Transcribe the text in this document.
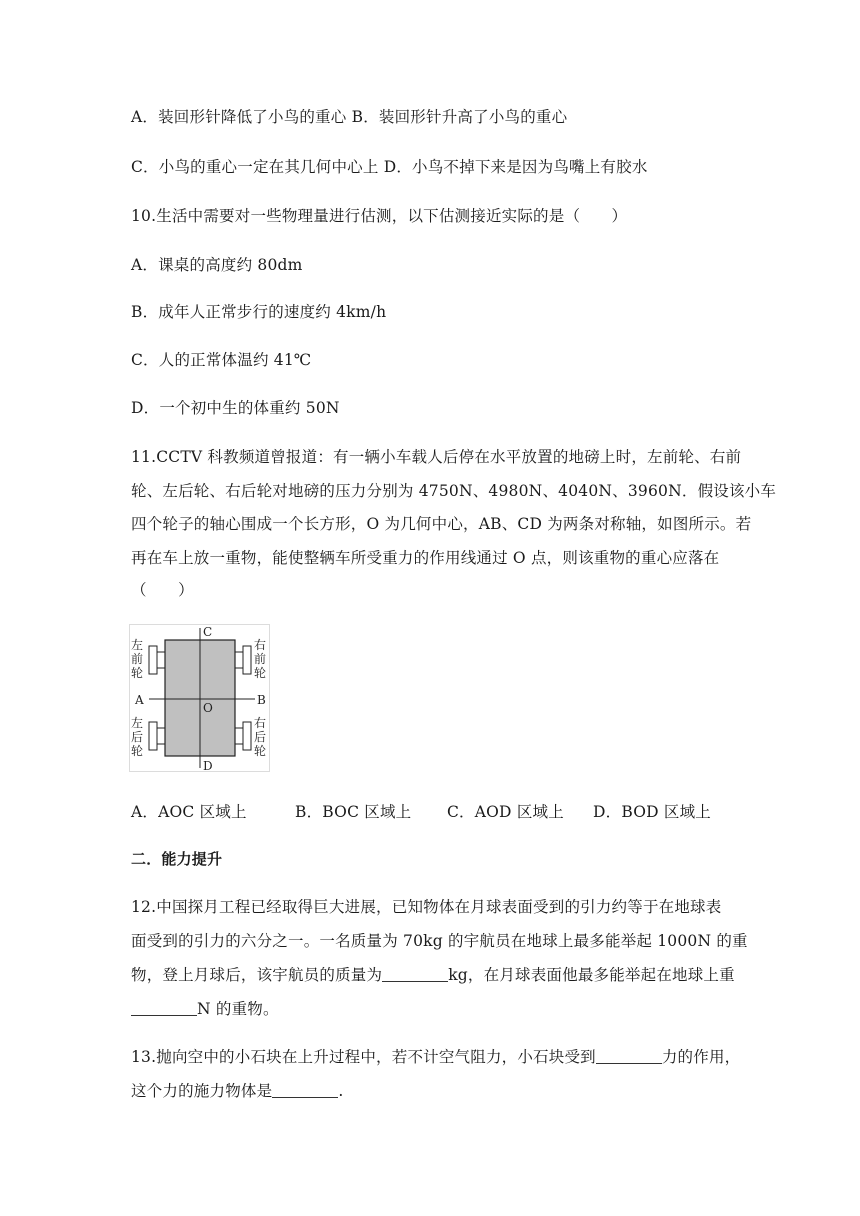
A．装回形针降低了小鸟的重心 B．装回形针升高了小鸟的重心
C．小鸟的重心一定在其几何中心上 D．小鸟不掉下来是因为鸟嘴上有胶水
10.生活中需要对一些物理量进行估测，以下估测接近实际的是（　　）
A．课桌的高度约 80dm
B．成年人正常步行的速度约 4km/h
C．人的正常体温约 41℃
D．一个初中生的体重约 50N
11.CCTV 科教频道曾报道：有一辆小车载人后停在水平放置的地磅上时，左前轮、右前
轮、左后轮、右后轮对地磅的压力分别为 4750N、4980N、4040N、3960N．假设该小车
四个轮子的轴心围成一个长方形，O 为几何中心，AB、CD 为两条对称轴，如图所示。若
再在车上放一重物，能使整辆车所受重力的作用线通过 O 点，则该重物的重心应落在
（　　）
C
D
A	B
O
左
前
轮
右
前
轮
左
后
轮
右
后
轮
A．AOC 区域上	B．BOC 区域上 C．AOD 区域上 D．BOD 区域上
二．能力提升
12.中国探月工程已经取得巨大进展，已知物体在月球表面受到的引力约等于在地球表
面受到的引力的六分之一。一名质量为 70kg 的宇航员在地球上最多能举起 1000N 的重
物，登上月球后，该宇航员的质量为	kg，在月球表面他最多能举起在地球上重
N 的重物。
13.抛向空中的小石块在上升过程中，若不计空气阻力，小石块受到	力的作用，
这个力的施力物体是	.
